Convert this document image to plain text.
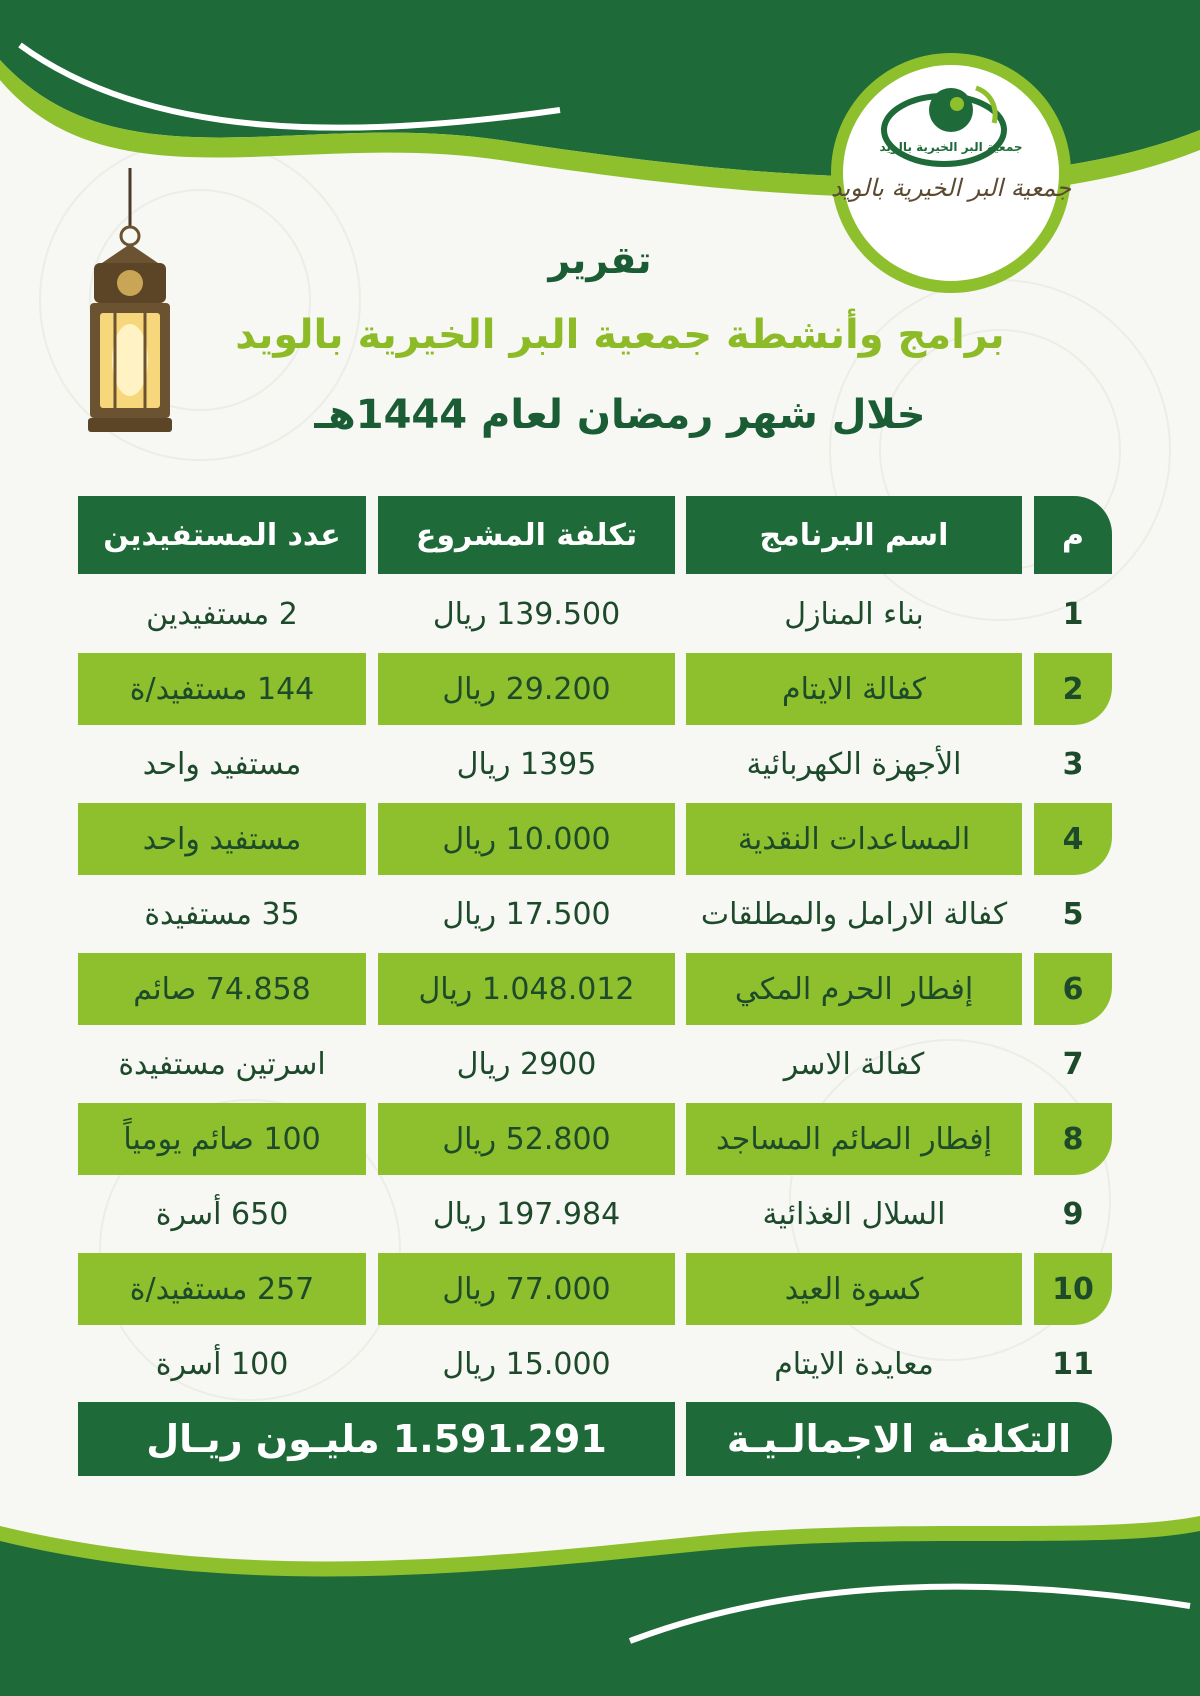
جمعية البر الخيرية بالويد
جمعية البر الخيرية بالويد
تقرير
برامج وأنشطة جمعية البر الخيرية بالويد
خلال شهر رمضان لعام 1444هـ
م
اسم البرنامج
تكلفة المشروع
عدد المستفيدين
1
بناء المنازل
139.500 ريال
2 مستفيدين
2
كفالة الايتام
29.200 ريال
144 مستفيد/ة
3
الأجهزة الكهربائية
1395 ريال
مستفيد واحد
4
المساعدات النقدية
10.000 ريال
مستفيد واحد
5
كفالة الارامل والمطلقات
17.500 ريال
35 مستفيدة
6
إفطار الحرم المكي
1.048.012 ريال
74.858 صائم
7
كفالة الاسر
2900 ريال
اسرتين مستفيدة
8
إفطار الصائم المساجد
52.800 ريال
100 صائم يومياً
9
السلال الغذائية
197.984 ريال
650 أسرة
10
كسوة العيد
77.000 ريال
257 مستفيد/ة
11
معايدة الايتام
15.000 ريال
100 أسرة
التكلفـة الاجمالـيـة
1.591.291 مليـون ريـال
